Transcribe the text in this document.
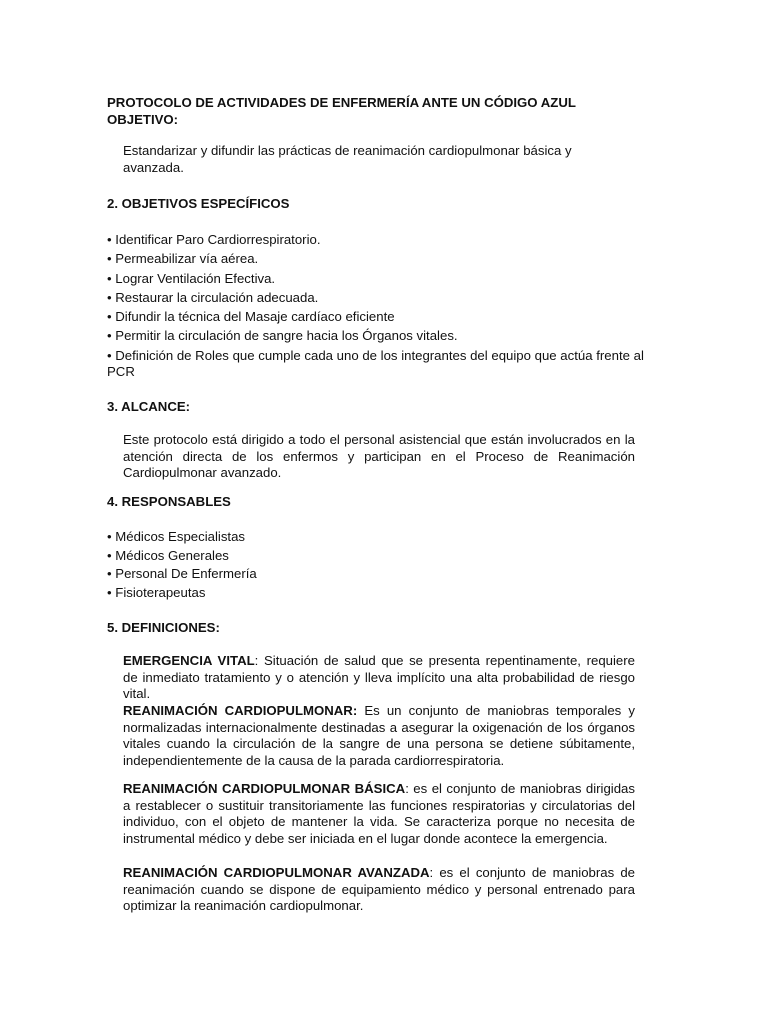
PROTOCOLO DE ACTIVIDADES DE ENFERMERÍA ANTE UN CÓDIGO AZUL
OBJETIVO:

Estandarizar y difundir las prácticas de reanimación cardiopulmonar básica y avanzada.

2. OBJETIVOS ESPECÍFICOS
• Identificar Paro Cardiorrespiratorio.
• Permeabilizar vía aérea.
• Lograr Ventilación Efectiva.
• Restaurar la circulación adecuada.
• Difundir la técnica del Masaje cardíaco eficiente
• Permitir la circulación de sangre hacia los Órganos vitales.
• Definición de Roles que cumple cada uno de los integrantes del equipo que actúa frente al PCR
3. ALCANCE:

Este protocolo está dirigido a todo el personal asistencial que están involucrados en la atención directa de los enfermos y participan en el Proceso de Reanimación Cardiopulmonar avanzado.

4. RESPONSABLES
• Médicos Especialistas
• Médicos Generales
• Personal De Enfermería
• Fisioterapeutas
5. DEFINICIONES:

EMERGENCIA VITAL: Situación de salud que se presenta repentinamente, requiere de inmediato tratamiento y o atención y lleva implícito una alta probabilidad de riesgo vital.

REANIMACIÓN CARDIOPULMONAR: Es un conjunto de maniobras temporales y normalizadas internacionalmente destinadas a asegurar la oxigenación de los órganos vitales cuando la circulación de la sangre de una persona se detiene súbitamente, independientemente de la causa de la parada cardiorrespiratoria.

REANIMACIÓN CARDIOPULMONAR BÁSICA: es el conjunto de maniobras dirigidas a restablecer o sustituir transitoriamente las funciones respiratorias y circulatorias del individuo, con el objeto de mantener la vida. Se caracteriza porque no necesita de instrumental médico y debe ser iniciada en el lugar donde acontece la emergencia.

REANIMACIÓN CARDIOPULMONAR AVANZADA: es el conjunto de maniobras de reanimación cuando se dispone de equipamiento médico y personal entrenado para optimizar la reanimación cardiopulmonar.
